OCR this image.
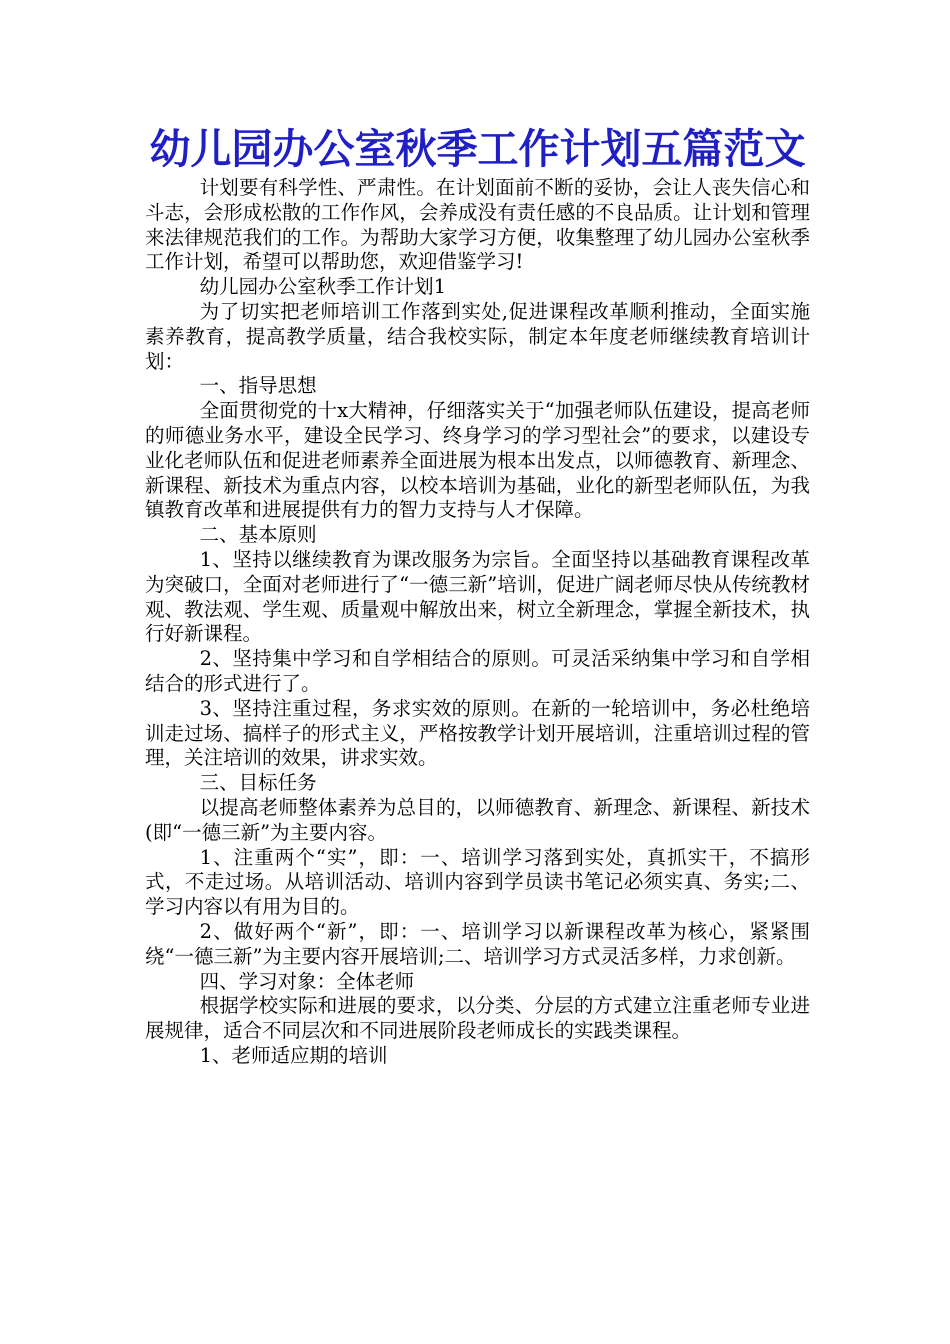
幼儿园办公室秋季工作计划五篇范文

计划要有科学性、严肃性。在计划面前不断的妥协，会让人丧失信心和斗志，会形成松散的工作作风，会养成没有责任感的不良品质。让计划和管理来法律规范我们的工作。为帮助大家学习方便，收集整理了幼儿园办公室秋季工作计划，希望可以帮助您，欢迎借鉴学习!

幼儿园办公室秋季工作计划1

为了切实把老师培训工作落到实处,促进课程改革顺利推动，全面实施素养教育，提高教学质量，结合我校实际，制定本年度老师继续教育培训计划：

一、指导思想

全面贯彻党的十x大精神，仔细落实关于“加强老师队伍建设，提高老师的师德业务水平，建设全民学习、终身学习的学习型社会”的要求，以建设专业化老师队伍和促进老师素养全面进展为根本出发点，以师德教育、新理念、新课程、新技术为重点内容，以校本培训为基础，业化的新型老师队伍，为我镇教育改革和进展提供有力的智力支持与人才保障。

二、基本原则

1、坚持以继续教育为课改服务为宗旨。全面坚持以基础教育课程改革为突破口，全面对老师进行了“一德三新”培训，促进广阔老师尽快从传统教材观、教法观、学生观、质量观中解放出来，树立全新理念，掌握全新技术，执行好新课程。

2、坚持集中学习和自学相结合的原则。可灵活采纳集中学习和自学相结合的形式进行了。

3、坚持注重过程，务求实效的原则。在新的一轮培训中，务必杜绝培训走过场、搞样子的形式主义，严格按教学计划开展培训，注重培训过程的管理，关注培训的效果，讲求实效。

三、目标任务

以提高老师整体素养为总目的，以师德教育、新理念、新课程、新技术(即“一德三新”为主要内容。

1、注重两个“实”，即：一、培训学习落到实处，真抓实干，不搞形式，不走过场。从培训活动、培训内容到学员读书笔记必须实真、务实;二、学习内容以有用为目的。

2、做好两个“新”，即：一、培训学习以新课程改革为核心，紧紧围绕“一德三新”为主要内容开展培训;二、培训学习方式灵活多样，力求创新。

四、学习对象：全体老师

根据学校实际和进展的要求，以分类、分层的方式建立注重老师专业进展规律，适合不同层次和不同进展阶段老师成长的实践类课程。

1、老师适应期的培训
